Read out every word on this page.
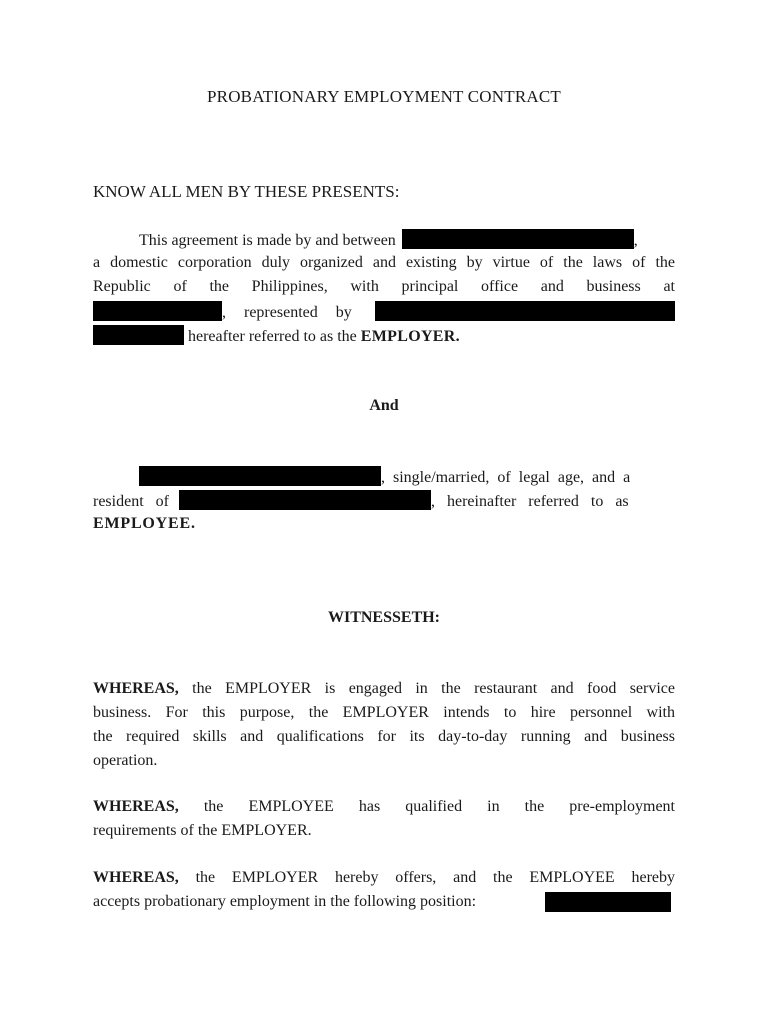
PROBATIONARY EMPLOYMENT CONTRACT
KNOW ALL MEN BY THESE PRESENTS:
This agreement is made by and between	,
a domestic corporation duly organized and existing by virtue of the laws of the
Republic of the Philippines, with principal office and business at
, represented by
hereafter referred to as the EMPLOYER.
And
, single/married, of legal age, and a
resident of	, hereinafter referred to as
EMPLOYEE.
WITNESSETH:
WHEREAS, the EMPLOYER is engaged in the restaurant and food service
business. For this purpose, the EMPLOYER intends to hire personnel with
the required skills and qualifications for its day-to-day running and business
operation.
WHEREAS, the EMPLOYEE has qualified in the pre-employment
requirements of the EMPLOYER.
WHEREAS, the EMPLOYER hereby offers, and the EMPLOYEE hereby
accepts probationary employment in the following position:
